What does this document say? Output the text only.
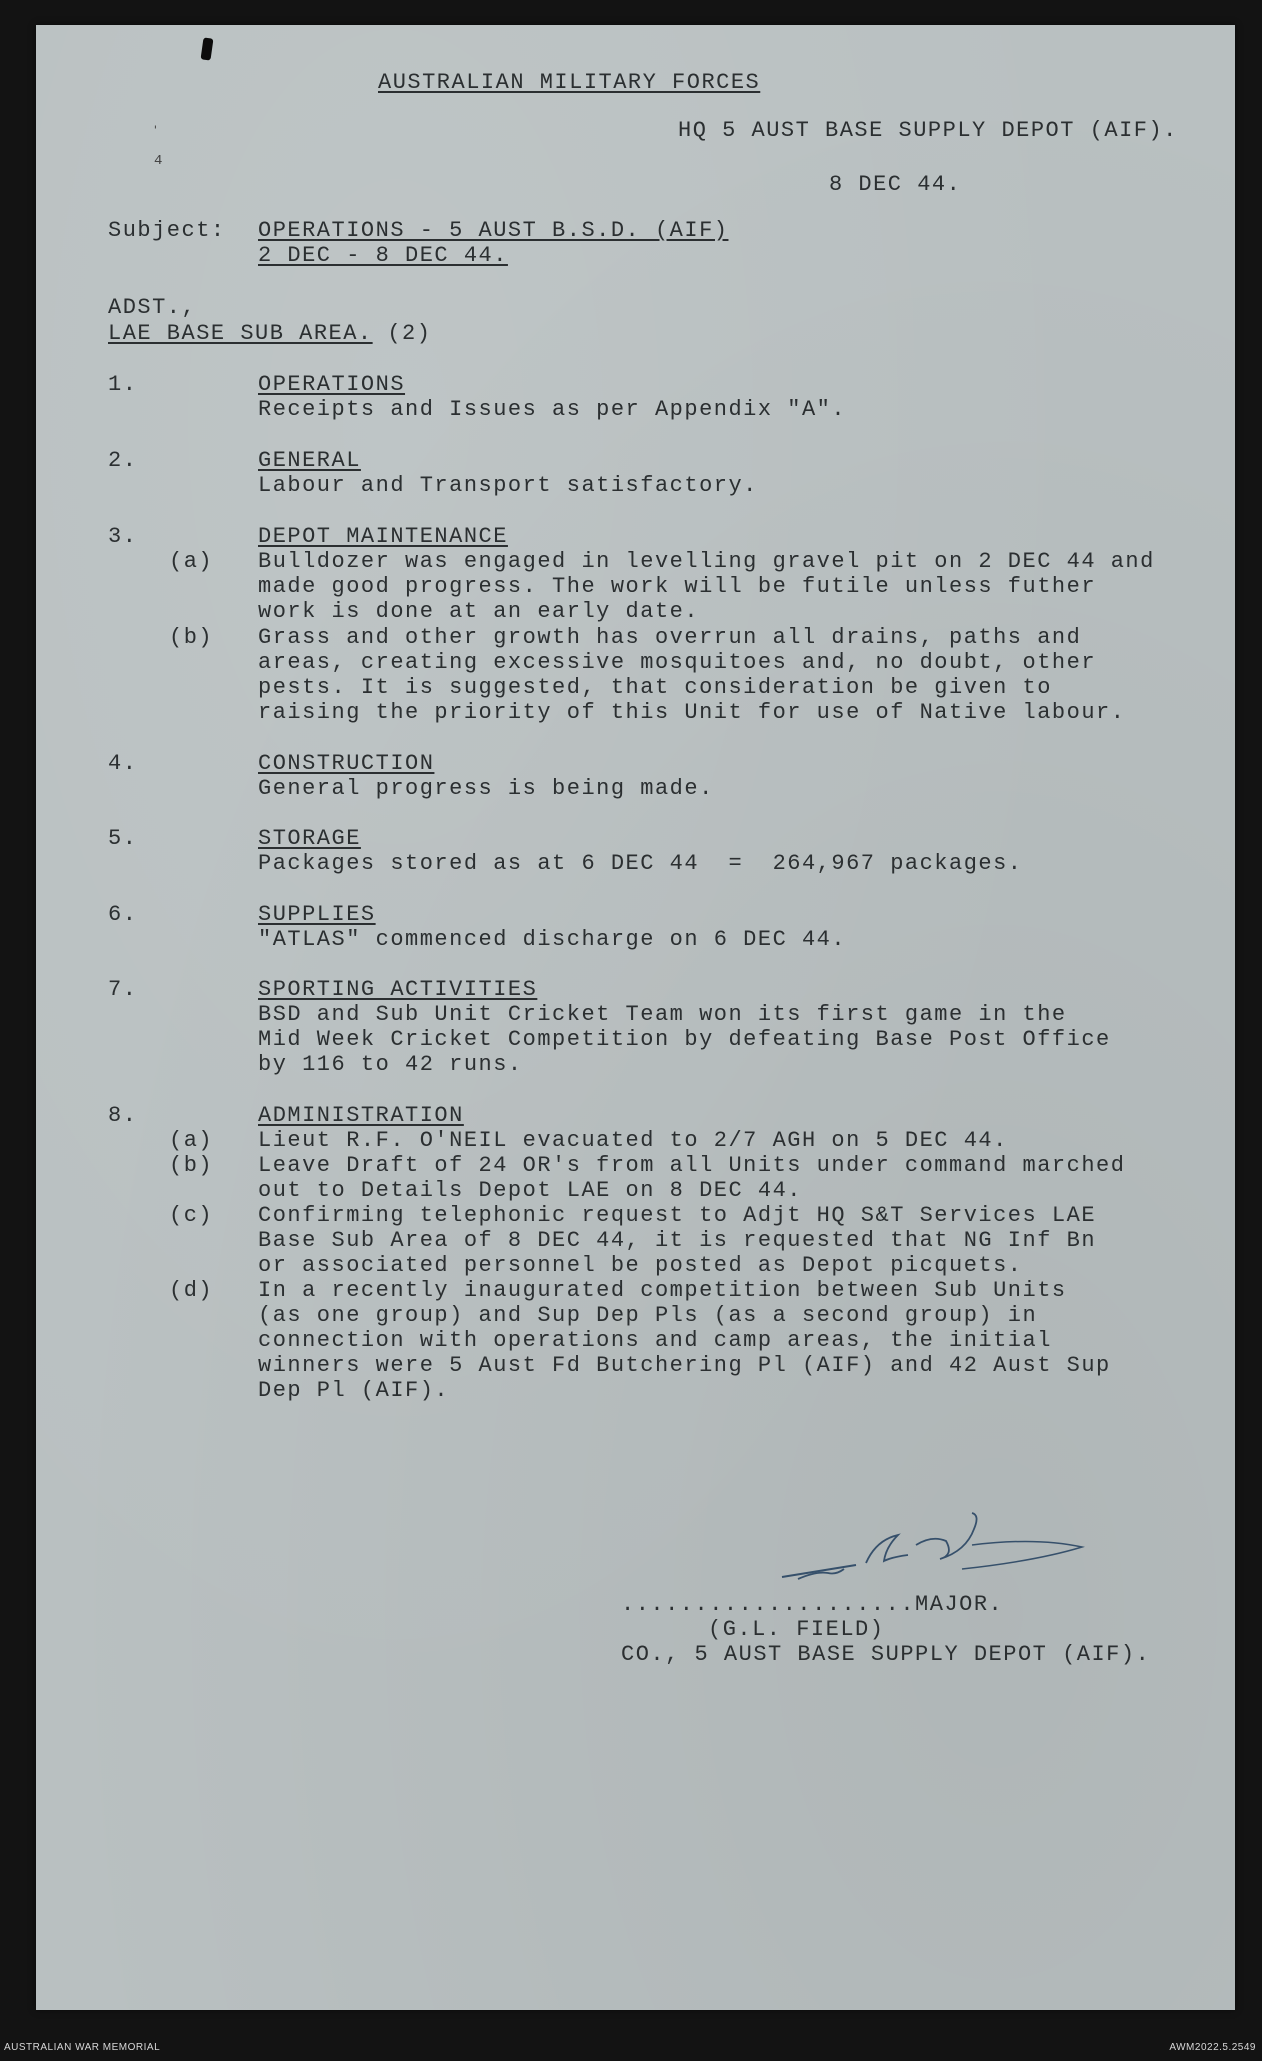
ˌ
4
AUSTRALIAN MILITARY FORCES
HQ 5 AUST BASE SUPPLY DEPOT (AIF).
8 DEC 44.
Subject: OPERATIONS - 5 AUST B.S.D. (AIF)
2 DEC - 8 DEC 44.
ADST.,
LAE BASE SUB AREA. (2)
1.	OPERATIONS
Receipts and Issues as per Appendix "A".
2.	GENERAL
Labour and Transport satisfactory.
3.	DEPOT MAINTENANCE
(a) Bulldozer was engaged in levelling gravel pit on 2 DEC 44 and
made good progress. The work will be futile unless futher
work is done at an early date.
(b) Grass and other growth has overrun all drains, paths and
areas, creating excessive mosquitoes and, no doubt, other
pests. It is suggested, that consideration be given to
raising the priority of this Unit for use of Native labour.
4.	CONSTRUCTION
General progress is being made.
5.	STORAGE
Packages stored as at 6 DEC 44  =  264,967 packages.
6.	SUPPLIES
"ATLAS" commenced discharge on 6 DEC 44.
7.	SPORTING ACTIVITIES
BSD and Sub Unit Cricket Team won its first game in the
Mid Week Cricket Competition by defeating Base Post Office
by 116 to 42 runs.
8.	ADMINISTRATION
(a) Lieut R.F. O'NEIL evacuated to 2/7 AGH on 5 DEC 44.
(b) Leave Draft of 24 OR's from all Units under command marched
out to Details Depot LAE on 8 DEC 44.
(c) Confirming telephonic request to Adjt HQ S&T Services LAE
Base Sub Area of 8 DEC 44, it is requested that NG Inf Bn
or associated personnel be posted as Depot picquets.
(d) In a recently inaugurated competition between Sub Units
(as one group) and Sup Dep Pls (as a second group) in
connection with operations and camp areas, the initial
winners were 5 Aust Fd Butchering Pl (AIF) and 42 Aust Sup
Dep Pl (AIF).
....................MAJOR.
(G.L. FIELD)
CO., 5 AUST BASE SUPPLY DEPOT (AIF).
AUSTRALIAN WAR MEMORIAL	AWM2022.5.2549
